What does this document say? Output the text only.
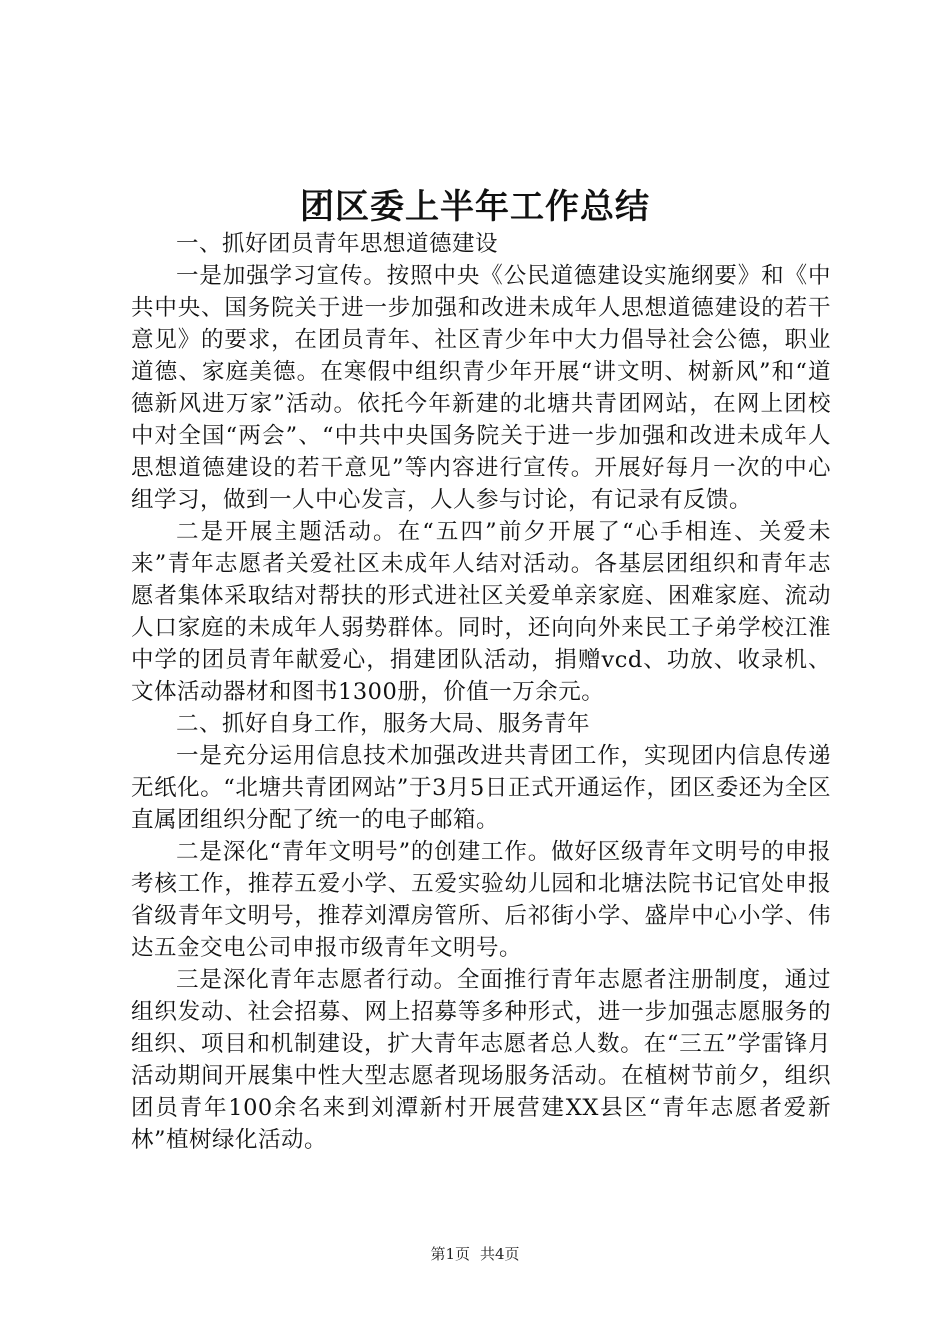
团区委上半年工作总结

一、抓好团员青年思想道德建设

一是加强学习宣传。按照中央《公民道德建设实施纲要》和《中共中央、国务院关于进一步加强和改进未成年人思想道德建设的若干意见》的要求，在团员青年、社区青少年中大力倡导社会公德，职业道德、家庭美德。在寒假中组织青少年开展“讲文明、树新风”和“道德新风进万家”活动。依托今年新建的北塘共青团网站，在网上团校中对全国“两会”、“中共中央国务院关于进一步加强和改进未成年人思想道德建设的若干意见”等内容进行宣传。开展好每月一次的中心组学习，做到一人中心发言，人人参与讨论，有记录有反馈。

二是开展主题活动。在“五四”前夕开展了“心手相连、关爱未来”青年志愿者关爱社区未成年人结对活动。各基层团组织和青年志愿者集体采取结对帮扶的形式进社区关爱单亲家庭、困难家庭、流动人口家庭的未成年人弱势群体。同时，还向向外来民工子弟学校江淮中学的团员青年献爱心，捐建团队活动，捐赠vcd、功放、收录机、文体活动器材和图书1300册，价值一万余元。

二、抓好自身工作，服务大局、服务青年

一是充分运用信息技术加强改进共青团工作，实现团内信息传递无纸化。“北塘共青团网站”于3月5日正式开通运作，团区委还为全区直属团组织分配了统一的电子邮箱。

二是深化“青年文明号”的创建工作。做好区级青年文明号的申报考核工作，推荐五爱小学、五爱实验幼儿园和北塘法院书记官处申报省级青年文明号，推荐刘潭房管所、后祁街小学、盛岸中心小学、伟达五金交电公司申报市级青年文明号。

三是深化青年志愿者行动。全面推行青年志愿者注册制度，通过组织发动、社会招募、网上招募等多种形式，进一步加强志愿服务的组织、项目和机制建设，扩大青年志愿者总人数。在“三五”学雷锋月活动期间开展集中性大型志愿者现场服务活动。在植树节前夕，组织团员青年100余名来到刘潭新村开展营建XX县区“青年志愿者爱新林”植树绿化活动。

第1页 共4页
